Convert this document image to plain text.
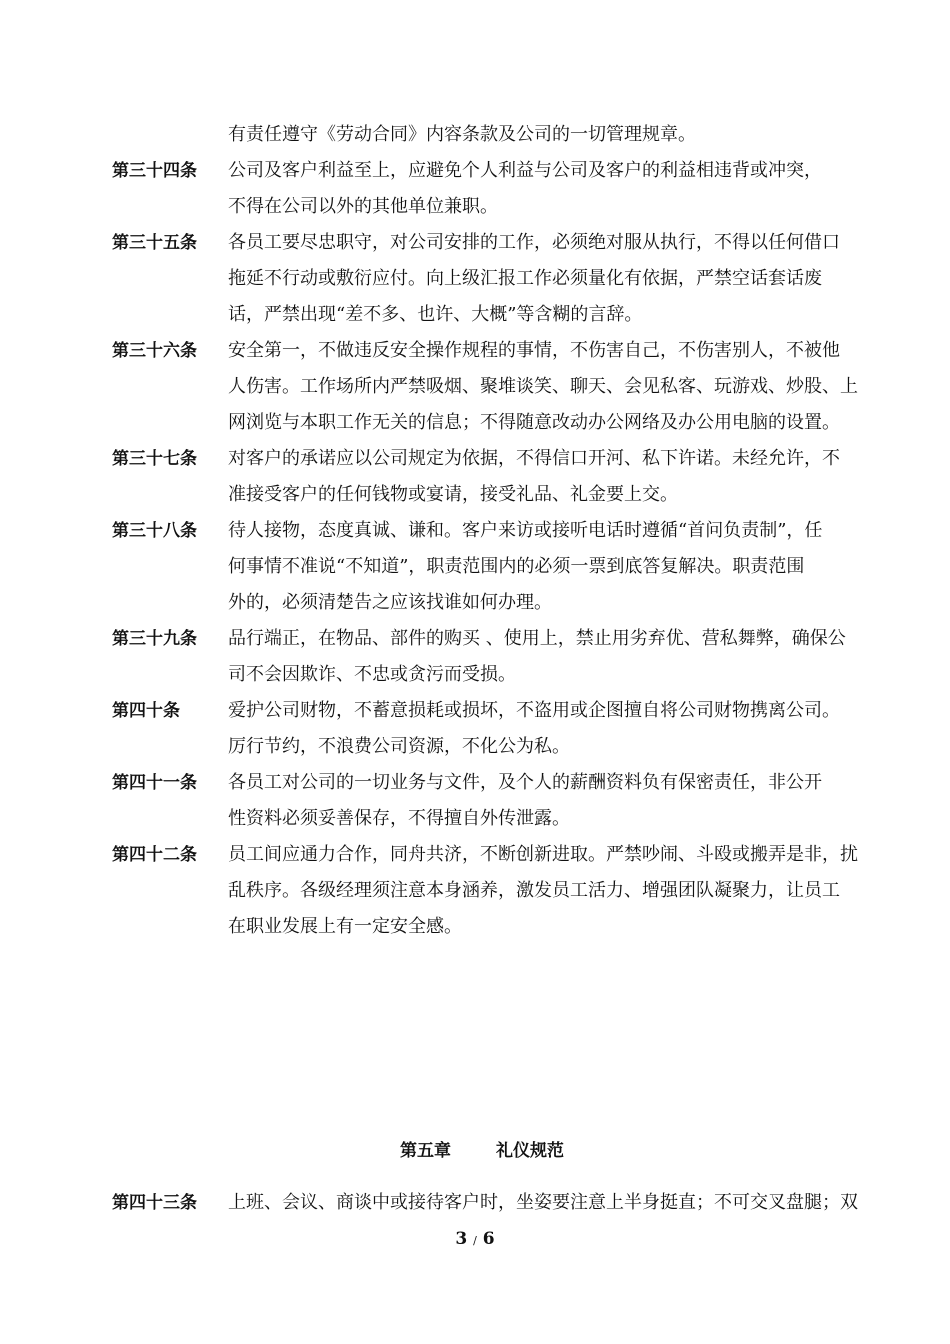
有责任遵守《劳动合同》内容条款及公司的一切管理规章。
第三十四条 公司及客户利益至上，应避免个人利益与公司及客户的利益相违背或冲突，
不得在公司以外的其他单位兼职。
第三十五条 各员工要尽忠职守，对公司安排的工作，必须绝对服从执行，不得以任何借口
拖延不行动或敷衍应付。向上级汇报工作必须量化有依据，严禁空话套话废
话，严禁出现“差不多、也许、大概”等含糊的言辞。
第三十六条 安全第一，不做违反安全操作规程的事情，不伤害自己，不伤害别人，不被他
人伤害。工作场所内严禁吸烟、聚堆谈笑、聊天、会见私客、玩游戏、炒股、上
网浏览与本职工作无关的信息；不得随意改动办公网络及办公用电脑的设置。
第三十七条 对客户的承诺应以公司规定为依据，不得信口开河、私下许诺。未经允许，不
准接受客户的任何钱物或宴请，接受礼品、礼金要上交。
第三十八条 待人接物，态度真诚、谦和。客户来访或接听电话时遵循“首问负责制”，任
何事情不准说“不知道”，职责范围内的必须一票到底答复解决。职责范围
外的，必须清楚告之应该找谁如何办理。
第三十九条 品行端正，在物品、部件的购买 、使用上，禁止用劣弃优、营私舞弊，确保公
司不会因欺诈、不忠或贪污而受损。
第四十条	爱护公司财物，不蓄意损耗或损坏，不盗用或企图擅自将公司财物携离公司。
厉行节约，不浪费公司资源，不化公为私。
第四十一条 各员工对公司的一切业务与文件，及个人的薪酬资料负有保密责任，非公开
性资料必须妥善保存，不得擅自外传泄露。
第四十二条 员工间应通力合作，同舟共济，不断创新进取。严禁吵闹、斗殴或搬弄是非，扰
乱秩序。各级经理须注意本身涵养，激发员工活力、增强团队凝聚力，让员工
在职业发展上有一定安全感。
第五章	礼仪规范
第四十三条 上班、会议、商谈中或接待客户时，坐姿要注意上半身挺直；不可交叉盘腿；双
3 / 6
